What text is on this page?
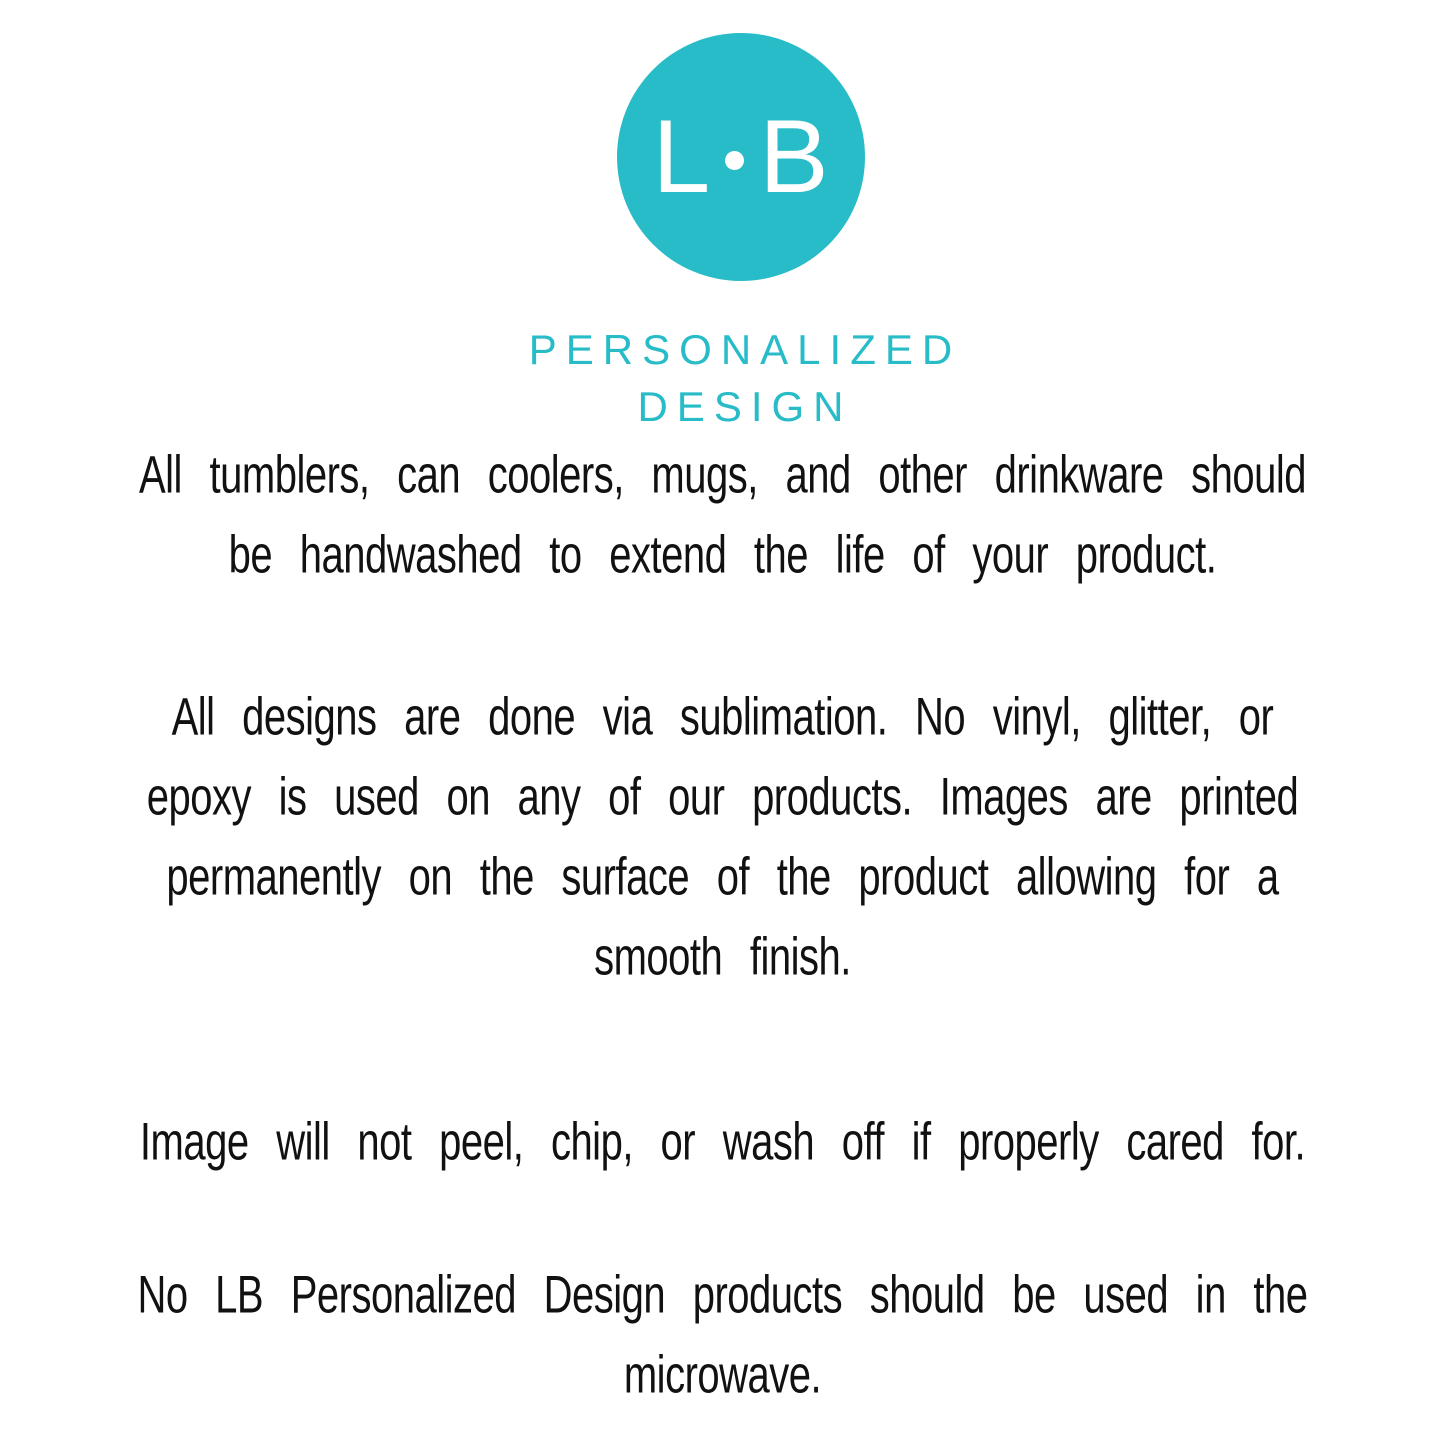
L B
PERSONALIZED
DESIGN
All tumblers, can coolers, mugs, and other drinkware should
be handwashed to extend the life of your product.
All designs are done via sublimation. No vinyl, glitter, or
epoxy is used on any of our products. Images are printed
permanently on the surface of the product allowing for a
smooth finish.
Image will not peel, chip, or wash off if properly cared for.
No LB Personalized Design products should be used in the
microwave.
